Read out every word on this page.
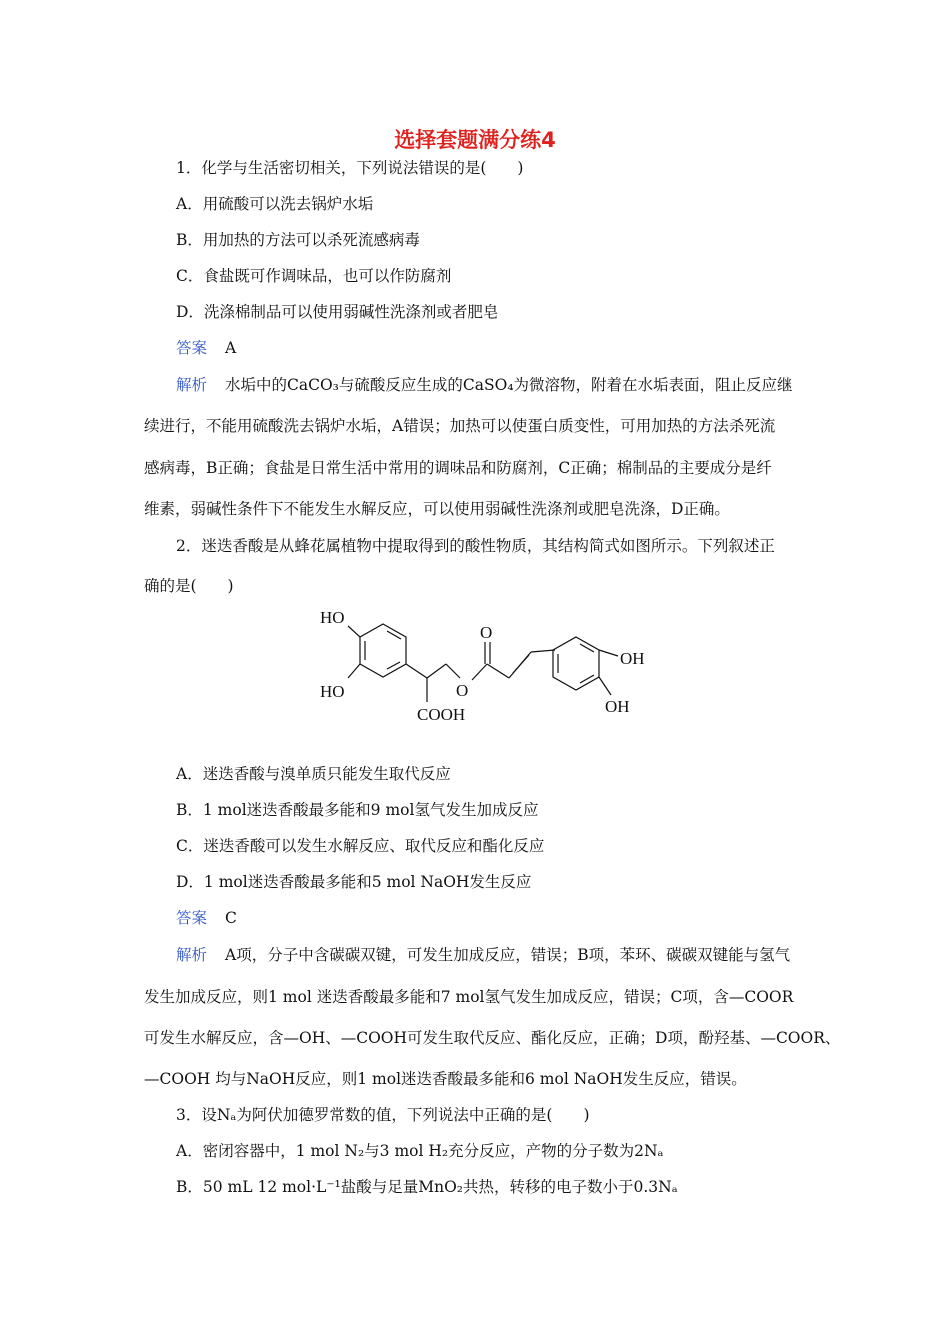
选择套题满分练4
1．化学与生活密切相关，下列说法错误的是(　　)
A．用硫酸可以洗去锅炉水垢
B．用加热的方法可以杀死流感病毒
C．食盐既可作调味品，也可以作防腐剂
D．洗涤棉制品可以使用弱碱性洗涤剂或者肥皂
答案 A
解析 水垢中的CaCO₃与硫酸反应生成的CaSO₄为微溶物，附着在水垢表面，阻止反应继
续进行，不能用硫酸洗去锅炉水垢，A错误；加热可以使蛋白质变性，可用加热的方法杀死流
感病毒，B正确；食盐是日常生活中常用的调味品和防腐剂，C正确；棉制品的主要成分是纤
维素，弱碱性条件下不能发生水解反应，可以使用弱碱性洗涤剂或肥皂洗涤，D正确。
2．迷迭香酸是从蜂花属植物中提取得到的酸性物质，其结构简式如图所示。下列叙述正
确的是(　　)
HO
HO
COOH
O
O
OH
OH
A．迷迭香酸与溴单质只能发生取代反应
B．1 mol迷迭香酸最多能和9 mol氢气发生加成反应
C．迷迭香酸可以发生水解反应、取代反应和酯化反应
D．1 mol迷迭香酸最多能和5 mol NaOH发生反应
答案 C
解析 A项，分子中含碳碳双键，可发生加成反应，错误；B项，苯环、碳碳双键能与氢气
发生加成反应，则1 mol 迷迭香酸最多能和7 mol氢气发生加成反应，错误；C项，含—COOR
可发生水解反应，含—OH、—COOH可发生取代反应、酯化反应，正确；D项，酚羟基、—COOR、
—COOH 均与NaOH反应，则1 mol迷迭香酸最多能和6 mol NaOH发生反应，错误。
3．设Nₐ为阿伏加德罗常数的值，下列说法中正确的是(　　)
A．密闭容器中，1 mol N₂与3 mol H₂充分反应，产物的分子数为2Nₐ
B．50 mL 12 mol·L⁻¹盐酸与足量MnO₂共热，转移的电子数小于0.3Nₐ
